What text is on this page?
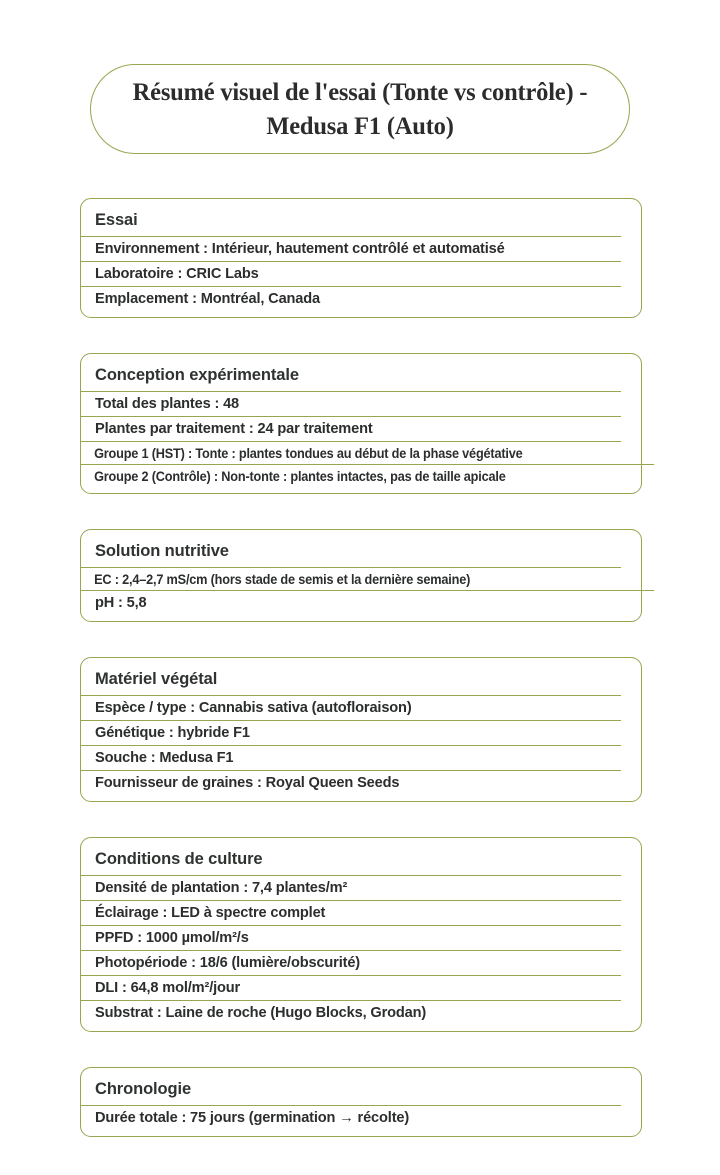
Résumé visuel de l'essai (Tonte vs contrôle) - Medusa F1 (Auto)
Essai
Environnement : Intérieur, hautement contrôlé et automatisé
Laboratoire : CRIC Labs
Emplacement : Montréal, Canada
Conception expérimentale
Total des plantes : 48
Plantes par traitement : 24 par traitement
Groupe 1 (HST) : Tonte : plantes tondues au début de la phase végétative
Groupe 2 (Contrôle) : Non-tonte : plantes intactes, pas de taille apicale
Solution nutritive
EC : 2,4–2,7 mS/cm (hors stade de semis et la dernière semaine)
pH : 5,8
Matériel végétal
Espèce / type : Cannabis sativa (autofloraison)
Génétique : hybride F1
Souche : Medusa F1
Fournisseur de graines : Royal Queen Seeds
Conditions de culture
Densité de plantation : 7,4 plantes/m²
Éclairage : LED à spectre complet
PPFD : 1000 µmol/m²/s
Photopériode : 18/6 (lumière/obscurité)
DLI : 64,8 mol/m²/jour
Substrat : Laine de roche (Hugo Blocks, Grodan)
Chronologie
Durée totale : 75 jours (germination → récolte)
